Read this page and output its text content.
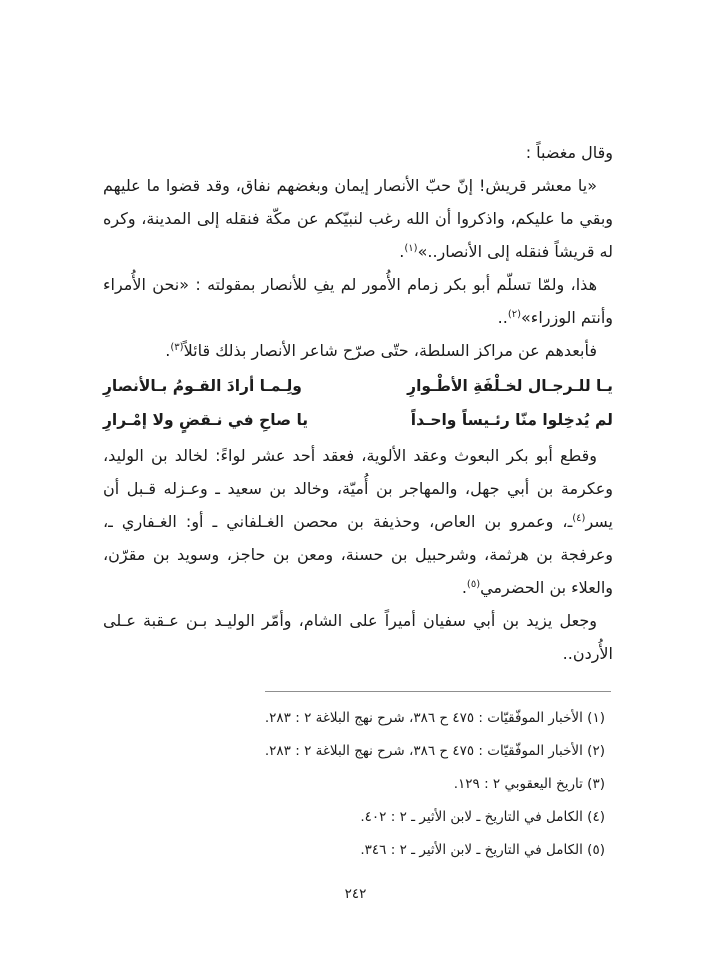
وقال مغضباً :

«يا معشر قريش! إنّ حبّ الأنصار إيمان وبغضهم نفاق، وقد قضوا ما عليهم وبقي ما عليكم، واذكروا أن الله رغب لنبيّكم عن مكّة فنقله إلى المدينة، وكره له قريشاً فنقله إلى الأنصار..»$^{(١)}$.

هذا، ولمّا تسلّم أبو بكر زمام الأُمور لم يفِ للأنصار بمقولته : «نحن الأُمراء وأنتم الوزراء»$^{(٢)}$..

فأبعدهم عن مراكز السلطة، حتّى صرّح شاعر الأنصار بذلك قائلاً$^{(٣)}$.

يـا للـرجـال لخـلْفَةِ الأطْـوارِ
ولِـمـا أرادَ القـومُ بـالأنصارِ
لم يُدخِلوا منّا رئـيساً واحـداً
يا صاحِ في نـقضٍ ولا إمْـرارِ

وقطع أبو بكر البعوث وعقد الألوية، فعقد أحد عشر لواءً: لخالد بن الوليد، وعكرمة بن أبي جهل، والمهاجر بن أُميّة، وخالد بن سعيد ـ وعـزله قـبل أن يسر$^{(٤)}$ـ، وعمرو بن العاص، وحذيفة بن محصن الغـلفاني ـ أو: الغـفاري ـ، وعرفجة بن هرثمة، وشرحبيل بن حسنة، ومعن بن حاجز، وسويد بن مقرّن، والعلاء بن الحضرمي$^{(٥)}$.

وجعل يزيد بن أبي سفيان أميراً على الشام، وأمّر الوليـد بـن عـقبة عـلى الأُردن..

(١) الأخبار الموفّقيّات : ٤٧٥ ح ٣٨٦، شرح نهج البلاغة ٢ : ٢٨٣.

(٢) الأخبار الموفّقيّات : ٤٧٥ ح ٣٨٦، شرح نهج البلاغة ٢ : ٢٨٣.

(٣) تاريخ اليعقوبي ٢ : ١٢٩.

(٤) الكامل في التاريخ ـ لابن الأثير ـ ٢ : ٤٠٢.

(٥) الكامل في التاريخ ـ لابن الأثير ـ ٢ : ٣٤٦.

٢٤٢
